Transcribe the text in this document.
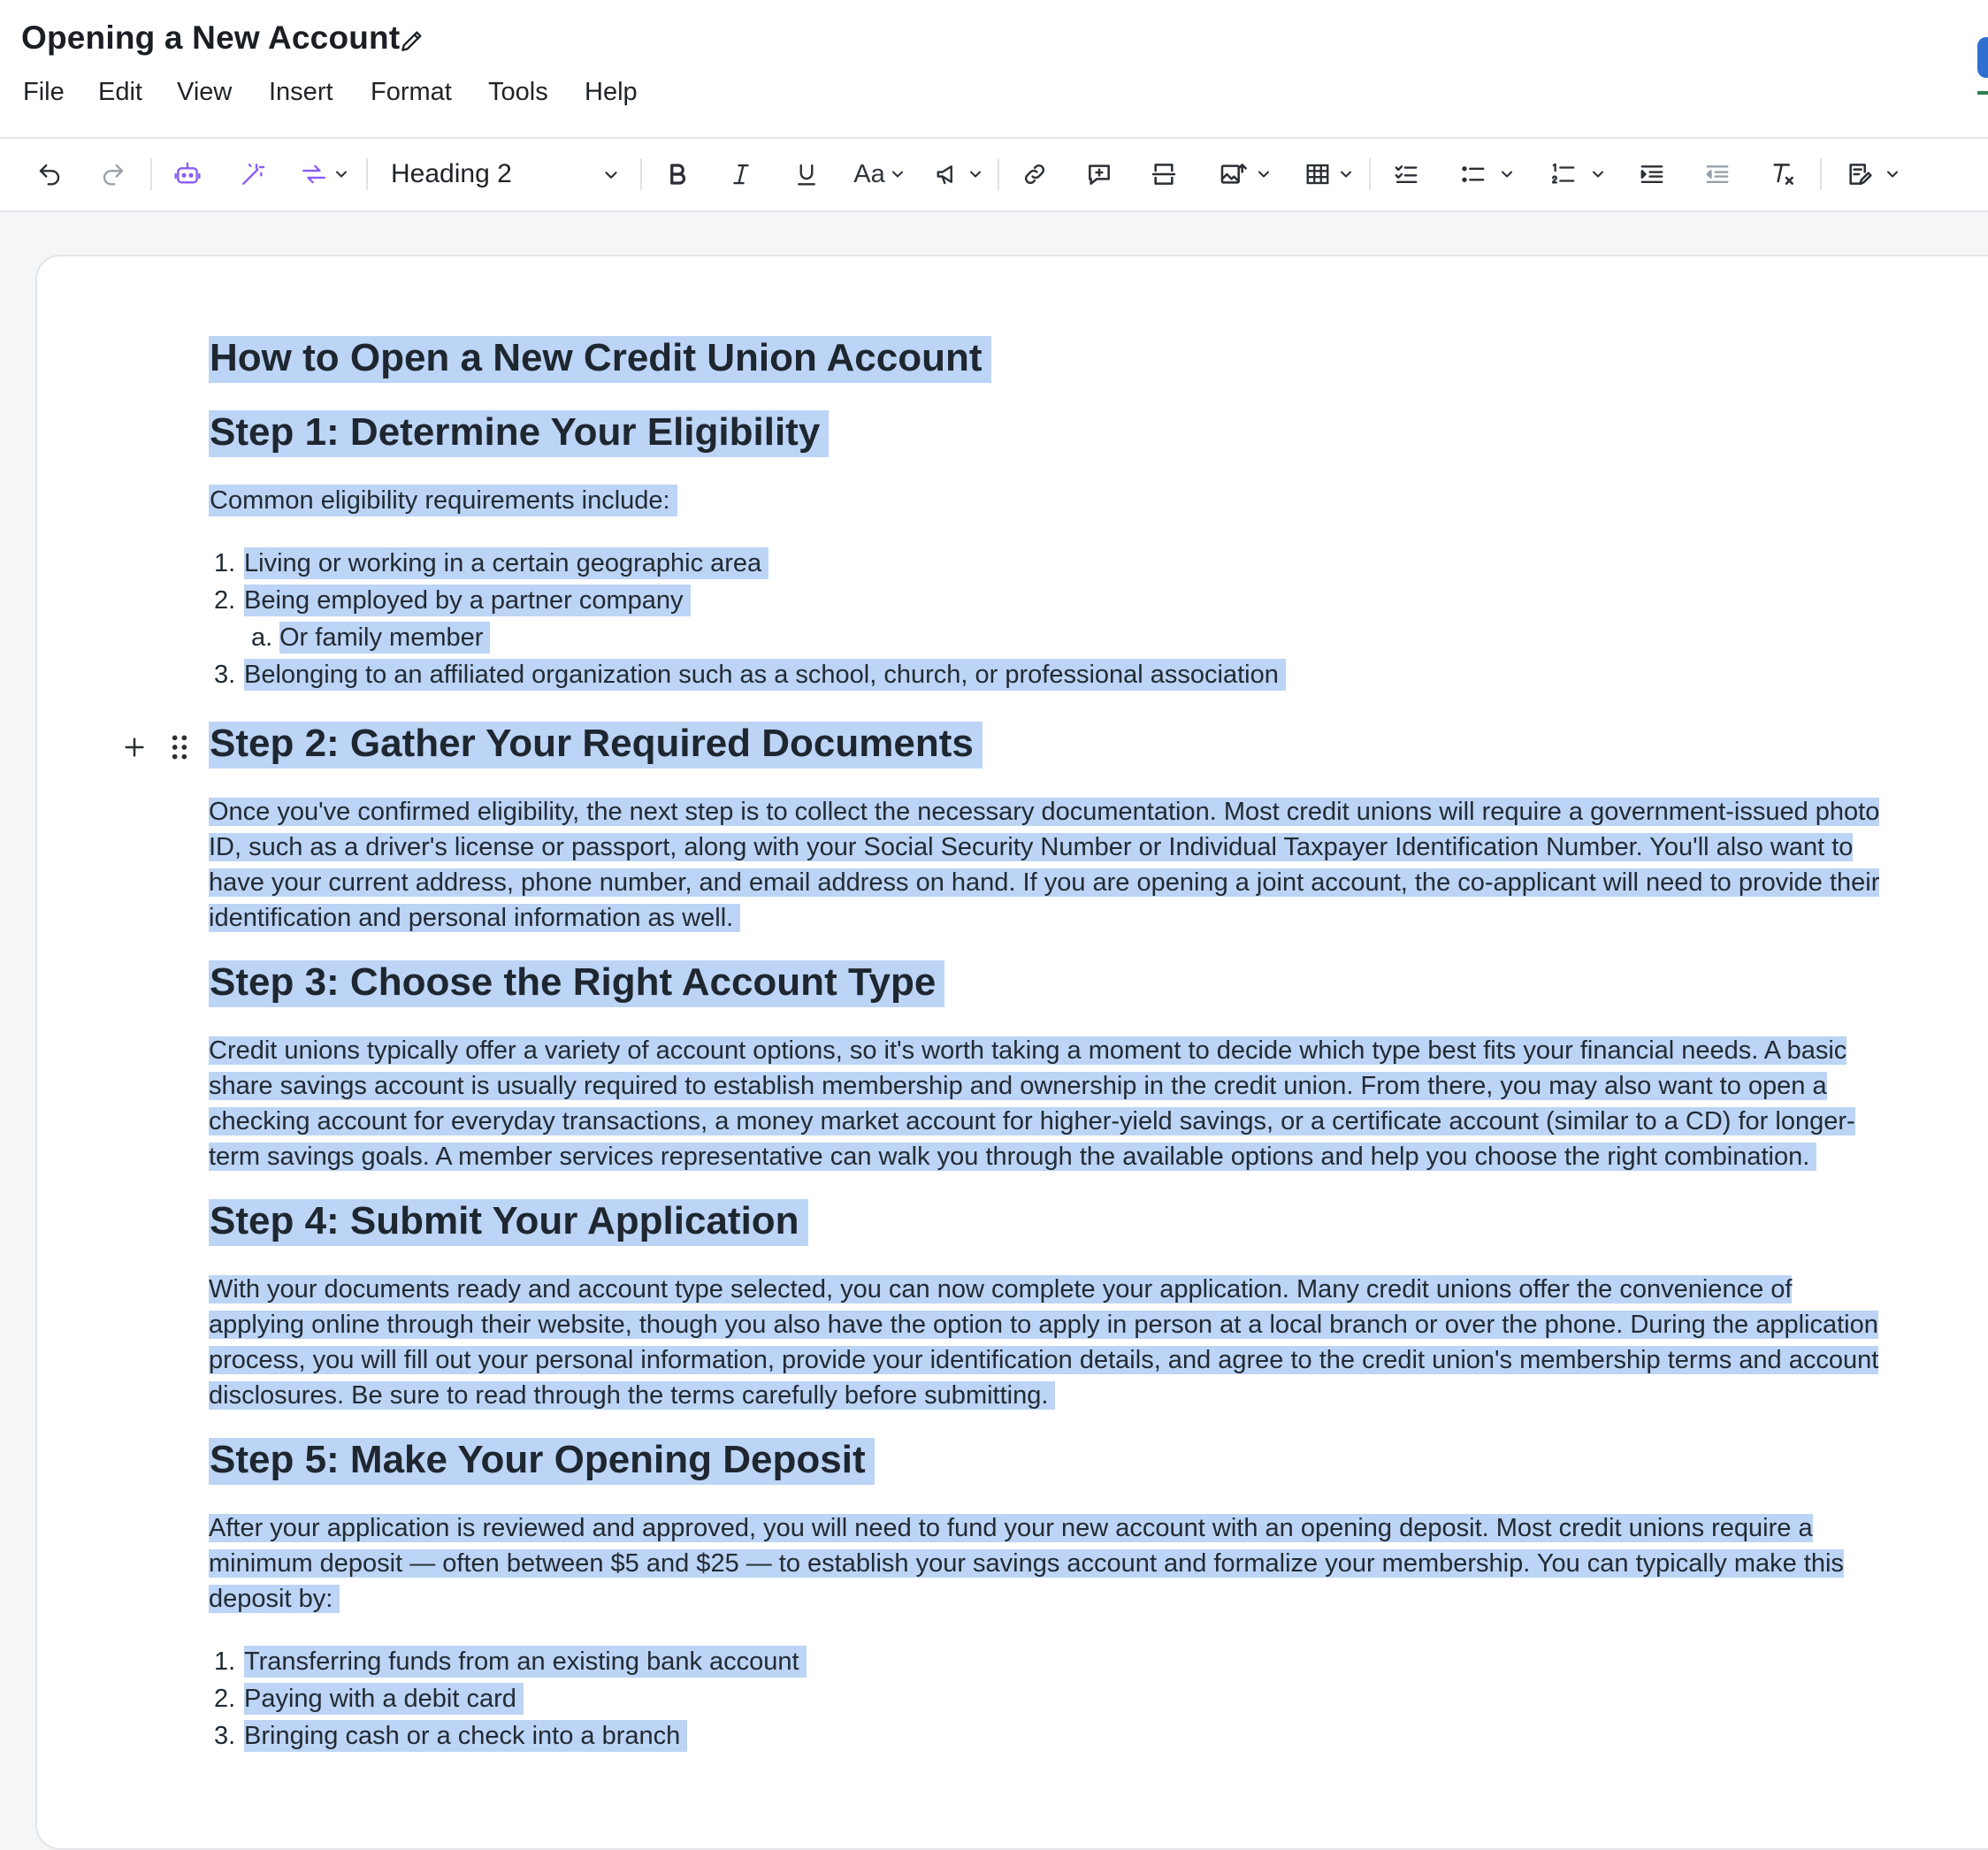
Opening a New Account
File Edit View Insert Format Tools Help
Heading 2	Aa
How to Open a New Credit Union Account
Step 1: Determine Your Eligibility

Common eligibility requirements include:

1. Living or working in a certain geographic area
2. Being employed by a partner company
a. Or family member
3. Belonging to an affiliated organization such as a school, church, or professional association
Step 2: Gather Your Required Documents

Once you've confirmed eligibility, the next step is to collect the necessary documentation. Most credit unions will require a government-issued photo
ID, such as a driver's license or passport, along with your Social Security Number or Individual Taxpayer Identification Number. You'll also want to
have your current address, phone number, and email address on hand. If you are opening a joint account, the co-applicant will need to provide their
identification and personal information as well.

Step 3: Choose the Right Account Type

Credit unions typically offer a variety of account options, so it's worth taking a moment to decide which type best fits your financial needs. A basic
share savings account is usually required to establish membership and ownership in the credit union. From there, you may also want to open a
checking account for everyday transactions, a money market account for higher-yield savings, or a certificate account (similar to a CD) for longer-
term savings goals. A member services representative can walk you through the available options and help you choose the right combination.

Step 4: Submit Your Application

With your documents ready and account type selected, you can now complete your application. Many credit unions offer the convenience of
applying online through their website, though you also have the option to apply in person at a local branch or over the phone. During the application
process, you will fill out your personal information, provide your identification details, and agree to the credit union's membership terms and account
disclosures. Be sure to read through the terms carefully before submitting.

Step 5: Make Your Opening Deposit

After your application is reviewed and approved, you will need to fund your new account with an opening deposit. Most credit unions require a
minimum deposit — often between $5 and $25 — to establish your savings account and formalize your membership. You can typically make this
deposit by:

1. Transferring funds from an existing bank account
2. Paying with a debit card
3. Bringing cash or a check into a branch
